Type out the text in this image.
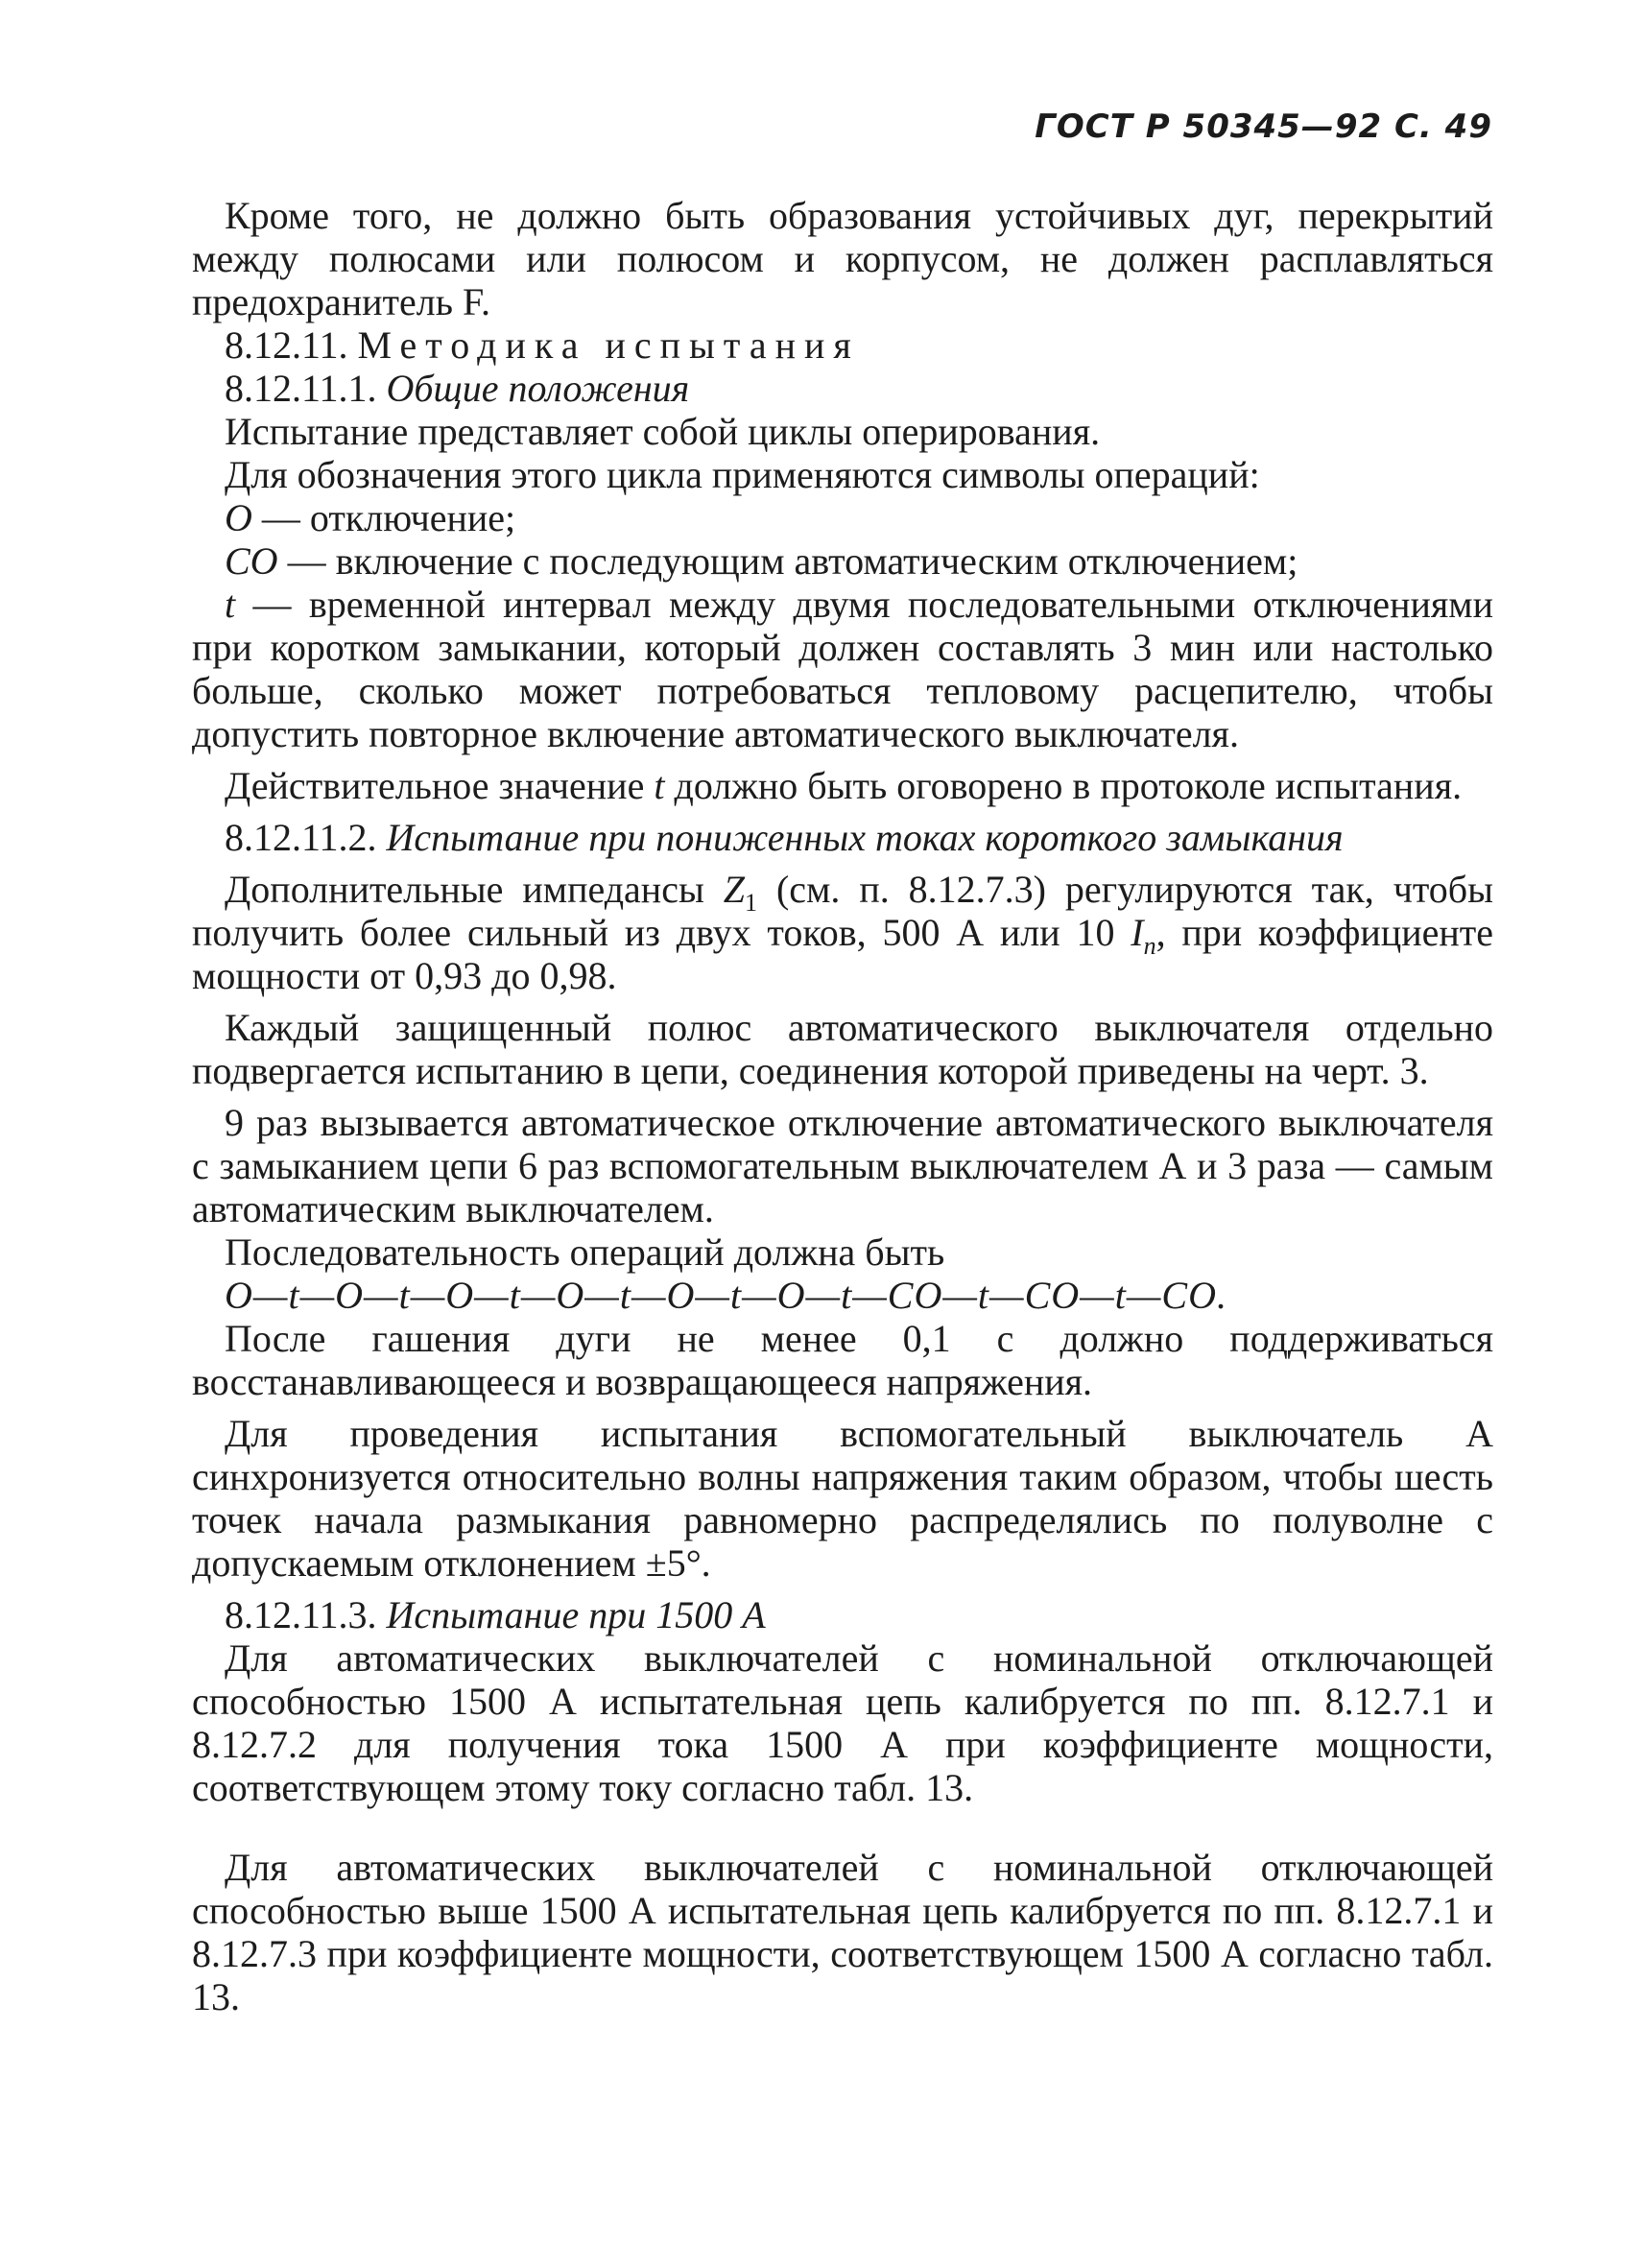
ГОСТ Р 50345—92 С. 49

Кроме того, не должно быть образования устойчивых дуг, перекрытий между полюсами или полюсом и корпусом, не должен расплавляться предохранитель F.

8.12.11. Методика испытания

8.12.11.1. Общие положения

Испытание представляет собой циклы оперирования.

Для обозначения этого цикла применяются символы операций:

О — отключение;

CO — включение с последующим автоматическим отключением;

t — временной интервал между двумя последовательными отключениями при коротком замыкании, который должен составлять 3 мин или настолько больше, сколько может потребоваться тепловому расцепителю, чтобы допустить повторное включение автоматического выключателя.

Действительное значение t должно быть оговорено в протоколе испытания.

8.12.11.2. Испытание при пониженных токах короткого замыкания

Дополнительные импедансы $Z_1$ (см. п. 8.12.7.3) регулируются так, чтобы получить более сильный из двух токов, 500 А или 10 $I_n$, при коэффициенте мощности от 0,93 до 0,98.

Каждый защищенный полюс автоматического выключателя отдельно подвергается испытанию в цепи, соединения которой приведены на черт. 3.

9 раз вызывается автоматическое отключение автоматического выключателя с замыканием цепи 6 раз вспомогательным выключателем А и 3 раза — самым автоматическим выключателем.

Последовательность операций должна быть

O—t—O—t—O—t—O—t—O—t—O—t—CO—t—CO—t—CO.

После гашения дуги не менее 0,1 с должно поддерживаться восстанавливающееся и возвращающееся напряжения.

Для проведения испытания вспомогательный выключатель А синхронизуется относительно волны напряжения таким образом, чтобы шесть точек начала размыкания равномерно распределялись по полуволне с допускаемым отклонением ±5°.

8.12.11.3. Испытание при 1500 А

Для автоматических выключателей с номинальной отключающей способностью 1500 А испытательная цепь калибруется по пп. 8.12.7.1 и 8.12.7.2 для получения тока 1500 А при коэффициенте мощности, соответствующем этому току согласно табл. 13.

Для автоматических выключателей с номинальной отключающей способностью выше 1500 А испытательная цепь калибруется по пп. 8.12.7.1 и 8.12.7.3 при коэффициенте мощности, соответствующем 1500 А согласно табл. 13.
